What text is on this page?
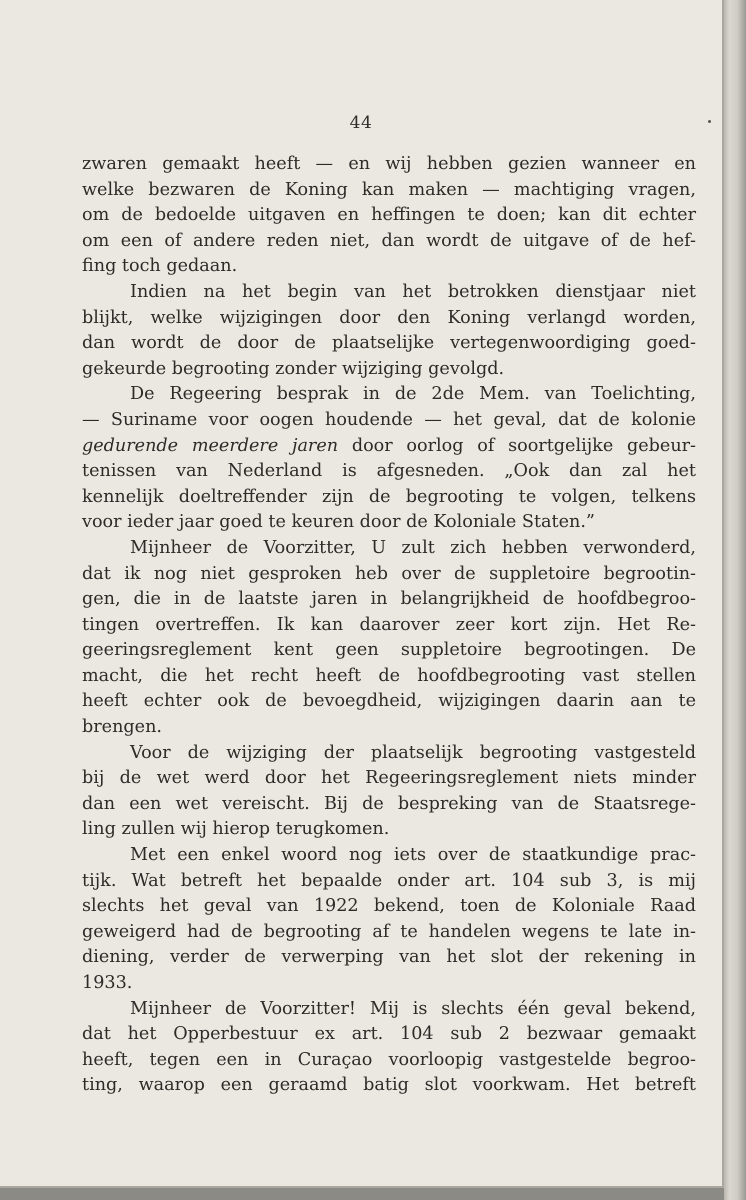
44
zwaren gemaakt heeft — en wij hebben gezien wanneer en
welke bezwaren de Koning kan maken — machtiging vragen,
om de bedoelde uitgaven en heffingen te doen; kan dit echter
om een of andere reden niet, dan wordt de uitgave of de hef-
fing toch gedaan.
Indien na het begin van het betrokken dienstjaar niet
blijkt, welke wijzigingen door den Koning verlangd worden,
dan wordt de door de plaatselijke vertegenwoordiging goed-
gekeurde begrooting zonder wijziging gevolgd.
De Regeering besprak in de 2de Mem. van Toelichting,
— Suriname voor oogen houdende — het geval, dat de kolonie
gedurende meerdere jaren door oorlog of soortgelijke gebeur-
tenissen van Nederland is afgesneden. „Ook dan zal het
kennelijk doeltreffender zijn de begrooting te volgen, telkens
voor ieder jaar goed te keuren door de Koloniale Staten.”
Mijnheer de Voorzitter, U zult zich hebben verwonderd,
dat ik nog niet gesproken heb over de suppletoire begrootin-
gen, die in de laatste jaren in belangrijkheid de hoofdbegroo-
tingen overtreffen. Ik kan daarover zeer kort zijn. Het Re-
geeringsreglement kent geen suppletoire begrootingen. De
macht, die het recht heeft de hoofdbegrooting vast stellen
heeft echter ook de bevoegdheid, wijzigingen daarin aan te
brengen.
Voor de wijziging der plaatselijk begrooting vastgesteld
bij de wet werd door het Regeeringsreglement niets minder
dan een wet vereischt. Bij de bespreking van de Staatsrege-
ling zullen wij hierop terugkomen.
Met een enkel woord nog iets over de staatkundige prac-
tijk. Wat betreft het bepaalde onder art. 104 sub 3, is mij
slechts het geval van 1922 bekend, toen de Koloniale Raad
geweigerd had de begrooting af te handelen wegens te late in-
diening, verder de verwerping van het slot der rekening in
1933.
Mijnheer de Voorzitter! Mij is slechts één geval bekend,
dat het Opperbestuur ex art. 104 sub 2 bezwaar gemaakt
heeft, tegen een in Curaçao voorloopig vastgestelde begroo-
ting, waarop een geraamd batig slot voorkwam. Het betreft
